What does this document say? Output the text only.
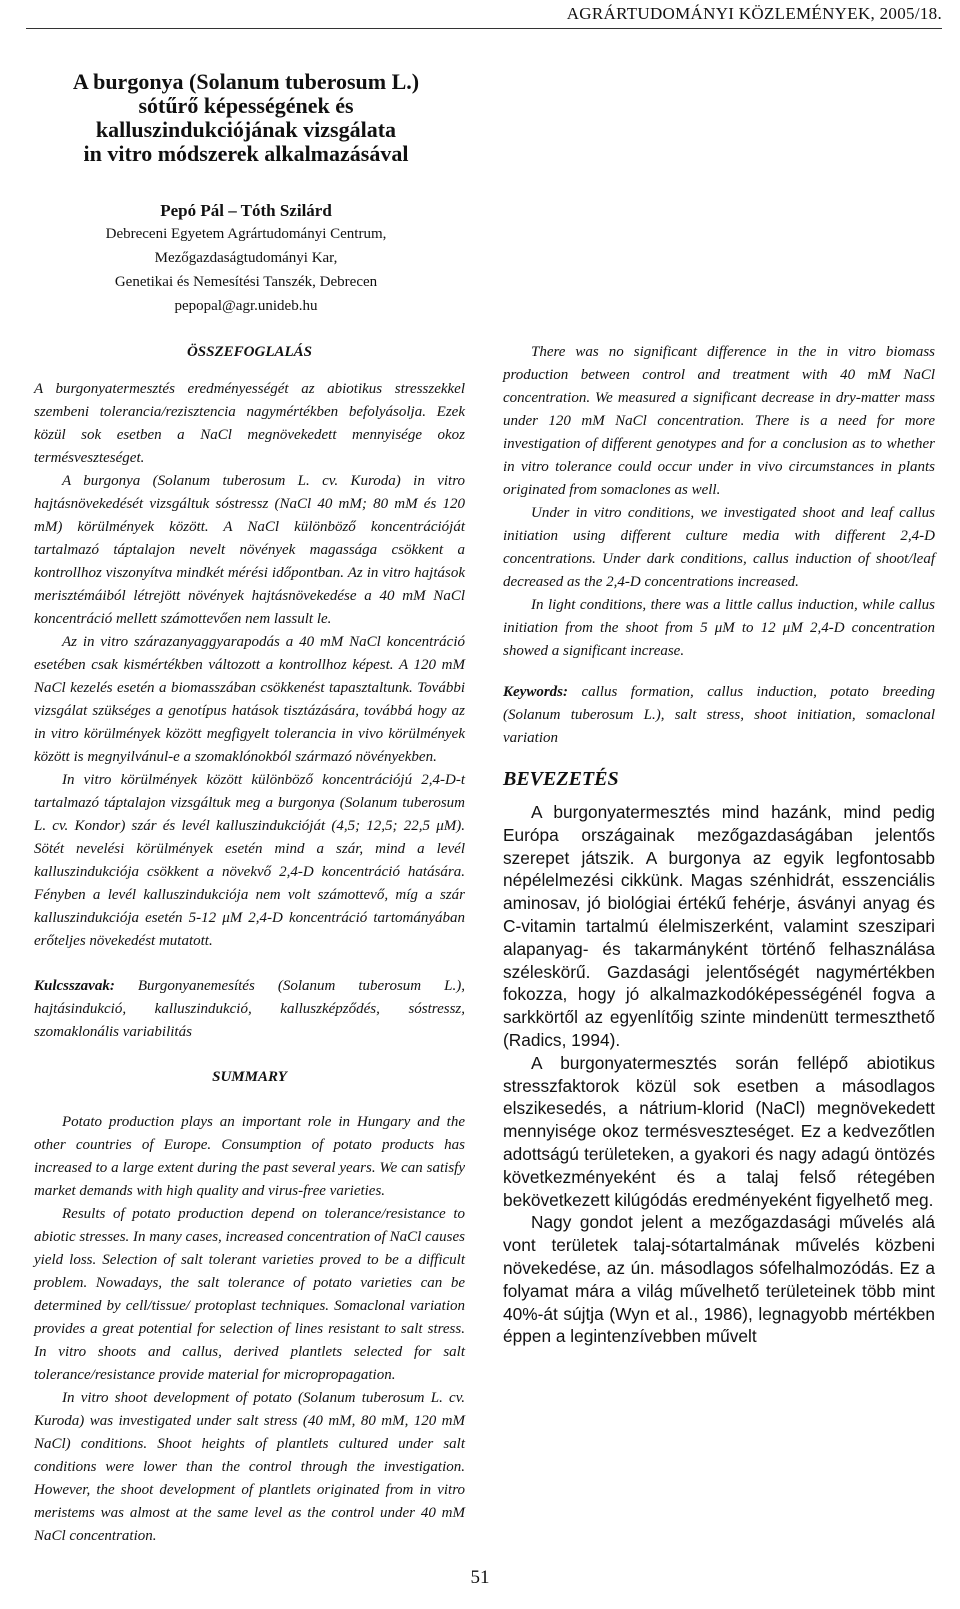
AGRÁRTUDOMÁNYI KÖZLEMÉNYEK, 2005/18.
A burgonya (Solanum tuberosum L.)
sótűrő képességének és
kalluszindukciójának vizsgálata
in vitro módszerek alkalmazásával
Pepó Pál – Tóth Szilárd
Debreceni Egyetem Agrártudományi Centrum,
Mezőgazdaságtudományi Kar,
Genetikai és Nemesítési Tanszék, Debrecen
pepopal@agr.unideb.hu

ÖSSZEFOGLALÁS

A burgonyatermesztés eredményességét az abiotikus stresszekkel szembeni tolerancia/rezisztencia nagymértékben befolyásolja. Ezek közül sok esetben a NaCl megnövekedett mennyisége okoz termésveszteséget.

A burgonya (Solanum tuberosum L. cv. Kuroda) in vitro hajtásnövekedését vizsgáltuk sóstressz (NaCl 40 mM; 80 mM és 120 mM) körülmények között. A NaCl különböző koncentrációját tartalmazó táptalajon nevelt növények magassága csökkent a kontrollhoz viszonyítva mindkét mérési időpontban. Az in vitro hajtások merisztémáiból létrejött növények hajtásnövekedése a 40 mM NaCl koncentráció mellett számottevően nem lassult le.

Az in vitro szárazanyaggyarapodás a 40 mM NaCl koncentráció esetében csak kismértékben változott a kontrollhoz képest. A 120 mM NaCl kezelés esetén a biomasszában csökkenést tapasztaltunk. További vizsgálat szükséges a genotípus hatások tisztázására, továbbá hogy az in vitro körülmények között megfigyelt tolerancia in vivo körülmények között is megnyilvánul-e a szomaklónokból származó növényekben.

In vitro körülmények között különböző koncentrációjú 2,4-D-t tartalmazó táptalajon vizsgáltuk meg a burgonya (Solanum tuberosum L. cv. Kondor) szár és levél kalluszindukcióját (4,5; 12,5; 22,5 μM). Sötét nevelési körülmények esetén mind a szár, mind a levél kalluszindukciója csökkent a növekvő 2,4-D koncentráció hatására. Fényben a levél kalluszindukciója nem volt számottevő, míg a szár kalluszindukciója esetén 5-12 μM 2,4-D koncentráció tartományában erőteljes növekedést mutatott.

Kulcsszavak: Burgonyanemesítés (Solanum tuberosum L.), hajtásindukció, kalluszindukció, kalluszképződés, sóstressz, szomaklonális variabilitás

SUMMARY

Potato production plays an important role in Hungary and the other countries of Europe. Consumption of potato products has increased to a large extent during the past several years. We can satisfy market demands with high quality and virus-free varieties.

Results of potato production depend on tolerance/resistance to abiotic stresses. In many cases, increased concentration of NaCl causes yield loss. Selection of salt tolerant varieties proved to be a difficult problem. Nowadays, the salt tolerance of potato varieties can be determined by cell/tissue/ protoplast techniques. Somaclonal variation provides a great potential for selection of lines resistant to salt stress. In vitro shoots and callus, derived plantlets selected for salt tolerance/resistance provide material for micropropagation.

In vitro shoot development of potato (Solanum tuberosum L. cv. Kuroda) was investigated under salt stress (40 mM, 80 mM, 120 mM NaCl) conditions. Shoot heights of plantlets cultured under salt conditions were lower than the control through the investigation. However, the shoot development of plantlets originated from in vitro meristems was almost at the same level as the control under 40 mM NaCl concentration.

There was no significant difference in the in vitro biomass production between control and treatment with 40 mM NaCl concentration. We measured a significant decrease in dry-matter mass under 120 mM NaCl concentration. There is a need for more investigation of different genotypes and for a conclusion as to whether in vitro tolerance could occur under in vivo circumstances in plants originated from somaclones as well.

Under in vitro conditions, we investigated shoot and leaf callus initiation using different culture media with different 2,4-D concentrations. Under dark conditions, callus induction of shoot/leaf decreased as the 2,4-D concentrations increased.

In light conditions, there was a little callus induction, while callus initiation from the shoot from 5 μM to 12 μM 2,4-D concentration showed a significant increase.

Keywords: callus formation, callus induction, potato breeding (Solanum tuberosum L.), salt stress, shoot initiation, somaclonal variation

BEVEZETÉS

A burgonyatermesztés mind hazánk, mind pedig Európa országainak mezőgazdaságában jelentős szerepet játszik. A burgonya az egyik legfontosabb népélelmezési cikkünk. Magas szénhidrát, esszenciális aminosav, jó biológiai értékű fehérje, ásványi anyag és C-vitamin tartalmú élelmiszerként, valamint szeszipari alapanyag- és takarmányként történő felhasználása széleskörű. Gazdasági jelentőségét nagymértékben fokozza, hogy jó alkalmazkodóképességénél fogva a sarkkörtől az egyenlítőig szinte mindenütt termeszthető (Radics, 1994).

A burgonyatermesztés során fellépő abiotikus stresszfaktorok közül sok esetben a másodlagos elszikesedés, a nátrium-klorid (NaCl) megnövekedett mennyisége okoz termésveszteséget. Ez a kedvezőtlen adottságú területeken, a gyakori és nagy adagú öntözés következményeként és a talaj felső rétegében bekövetkezett kilúgódás eredményeként figyelhető meg.

Nagy gondot jelent a mezőgazdasági művelés alá vont területek talaj-sótartalmának művelés közbeni növekedése, az ún. másodlagos sófelhalmozódás. Ez a folyamat mára a világ művelhető területeinek több mint 40%-át sújtja (Wyn et al., 1986), legnagyobb mértékben éppen a legintenzívebben művelt

51
